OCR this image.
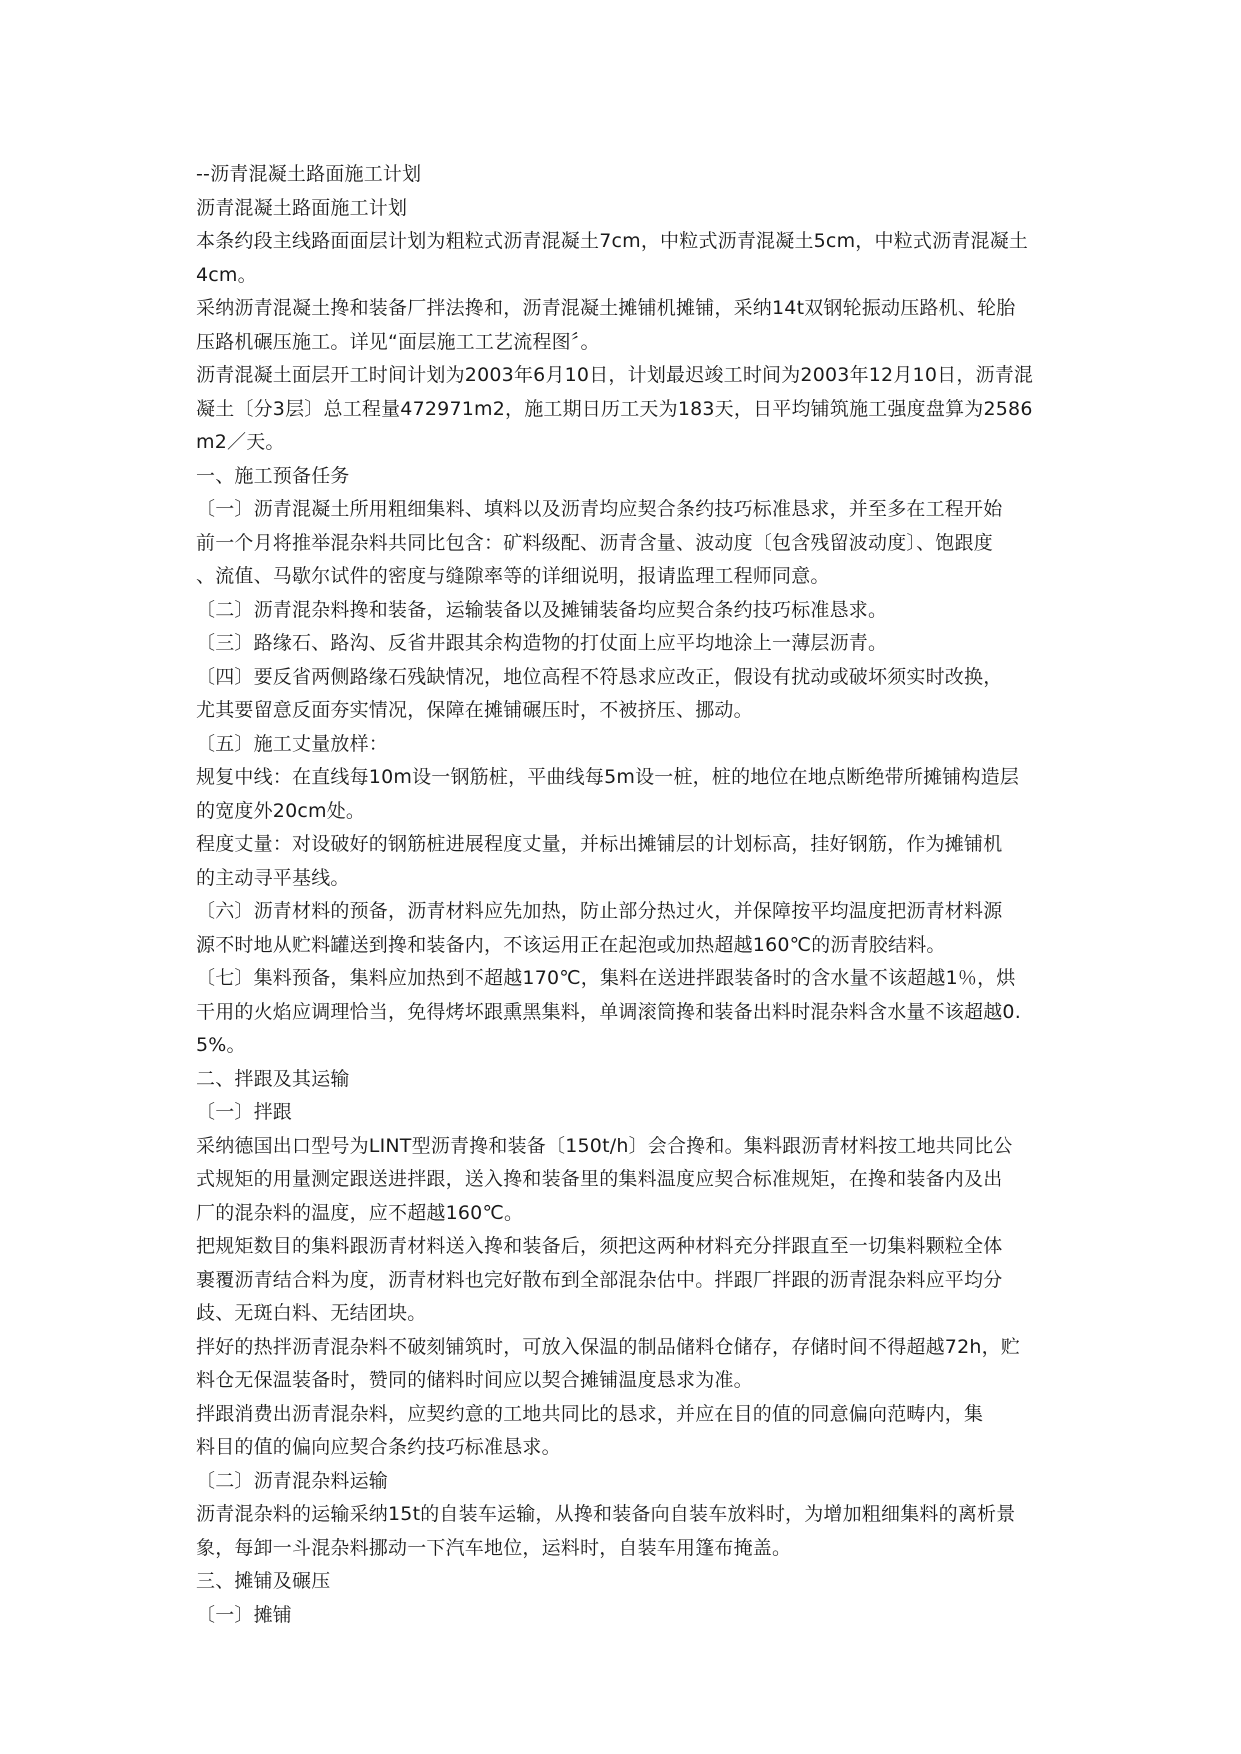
--沥青混凝土路面施工计划

沥青混凝土路面施工计划

本条约段主线路面面层计划为粗粒式沥青混凝土7cm，中粒式沥青混凝土5cm，中粒式沥青混凝土

4cm。

采纳沥青混凝土搀和装备厂拌法搀和，沥青混凝土摊铺机摊铺，采纳14t双钢轮振动压路机、轮胎

压路机碾压施工。详见“面层施工工艺流程图〞。

沥青混凝土面层开工时间计划为2003年6月10日，计划最迟竣工时间为2003年12月10日，沥青混

凝土〔分3层〕总工程量472971m2，施工期日历工天为183天，日平均铺筑施工强度盘算为2586

m2／天。

一、施工预备任务

〔一〕沥青混凝土所用粗细集料、填料以及沥青均应契合条约技巧标准恳求，并至多在工程开始

前一个月将推举混杂料共同比包含：矿料级配、沥青含量、波动度〔包含残留波动度〕、饱跟度

、流值、马歇尔试件的密度与缝隙率等的详细说明，报请监理工程师同意。

〔二〕沥青混杂料搀和装备，运输装备以及摊铺装备均应契合条约技巧标准恳求。

〔三〕路缘石、路沟、反省井跟其余构造物的打仗面上应平均地涂上一薄层沥青。

〔四〕要反省两侧路缘石残缺情况，地位高程不符恳求应改正，假设有扰动或破坏须实时改换，

尤其要留意反面夯实情况，保障在摊铺碾压时，不被挤压、挪动。

〔五〕施工丈量放样：

规复中线：在直线每10m设一钢筋桩，平曲线每5m设一桩，桩的地位在地点断绝带所摊铺构造层

的宽度外20cm处。

程度丈量：对设破好的钢筋桩进展程度丈量，并标出摊铺层的计划标高，挂好钢筋，作为摊铺机

的主动寻平基线。

〔六〕沥青材料的预备，沥青材料应先加热，防止部分热过火，并保障按平均温度把沥青材料源

源不时地从贮料罐送到搀和装备内，不该运用正在起泡或加热超越160℃的沥青胶结料。

〔七〕集料预备，集料应加热到不超越170℃，集料在送进拌跟装备时的含水量不该超越1％，烘

干用的火焰应调理恰当，免得烤坏跟熏黑集料，单调滚筒搀和装备出料时混杂料含水量不该超越0.

5%。

二、拌跟及其运输

〔一〕拌跟

采纳德国出口型号为LINT型沥青搀和装备〔150t/h〕会合搀和。集料跟沥青材料按工地共同比公

式规矩的用量测定跟送进拌跟，送入搀和装备里的集料温度应契合标准规矩，在搀和装备内及出

厂的混杂料的温度，应不超越160℃。

把规矩数目的集料跟沥青材料送入搀和装备后，须把这两种材料充分拌跟直至一切集料颗粒全体

裹覆沥青结合料为度，沥青材料也完好散布到全部混杂估中。拌跟厂拌跟的沥青混杂料应平均分

歧、无斑白料、无结团块。

拌好的热拌沥青混杂料不破刻铺筑时，可放入保温的制品储料仓储存，存储时间不得超越72h，贮

料仓无保温装备时，赞同的储料时间应以契合摊铺温度恳求为准。

拌跟消费出沥青混杂料，应契约意的工地共同比的恳求，并应在目的值的同意偏向范畴内，集

料目的值的偏向应契合条约技巧标准恳求。

〔二〕沥青混杂料运输

沥青混杂料的运输采纳15t的自装车运输，从搀和装备向自装车放料时，为增加粗细集料的离析景

象，每卸一斗混杂料挪动一下汽车地位，运料时，自装车用篷布掩盖。

三、摊铺及碾压

〔一〕摊铺
